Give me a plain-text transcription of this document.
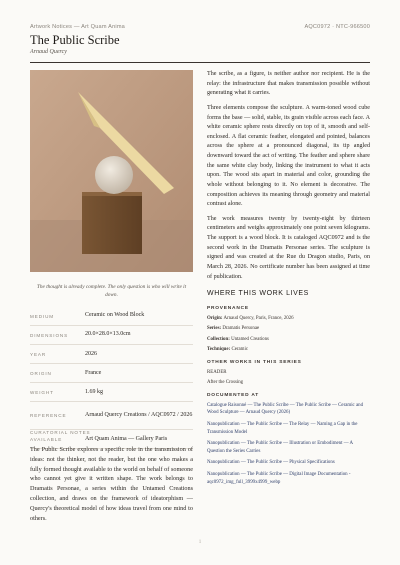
Artwork Notices — Art Quam Anima	AQC0972 · NTC-966500
The Public Scribe
Arnaud Quercy
The thought is already complete. The only question is who will write it down.
MEDIUM	Ceramic on Wood Block
DIMENSIONS	20.0×28.0×13.0cm
YEAR	2026
ORIGIN	France
WEIGHT	1.69 kg
REFERENCE	Arnaud Quercy Creations / AQC0972 / 2026
AVAILABLE	Art Quam Anima — Gallery Paris
CURATORIAL NOTES
The Public Scribe explores a specific role in the transmission of ideas: not the thinker, not the reader, but the one who makes a fully formed thought available to the world on behalf of someone who cannot yet give it written shape. The work belongs to Dramatis Personae, a series within the Untamed Creations collection, and draws on the framework of ideatorphism — Quercy's theoretical model of how ideas travel from one mind to others.

The scribe, as a figure, is neither author nor recipient. He is the relay: the infrastructure that makes transmission possible without generating what it carries.

Three elements compose the sculpture. A warm-toned wood cube forms the base — solid, stable, its grain visible across each face. A white ceramic sphere rests directly on top of it, smooth and self-enclosed. A flat ceramic feather, elongated and pointed, balances across the sphere at a pronounced diagonal, its tip angled downward toward the act of writing. The feather and sphere share the same white clay body, linking the instrument to what it acts upon. The wood sits apart in material and color, grounding the whole without belonging to it. No element is decorative. The composition achieves its meaning through geometry and material contrast alone.

The work measures twenty by twenty-eight by thirteen centimeters and weighs approximately one point seven kilograms. The support is a wood block. It is cataloged AQC0972 and is the second work in the Dramatis Personae series. The sculpture is signed and was created at the Rue du Dragon studio, Paris, on March 28, 2026. No certificate number has been assigned at time of publication.

WHERE THIS WORK LIVES
PROVENANCE
Origin: Arnaud Quercy, Paris, France, 2026
Series: Dramatis Personae
Collection: Untamed Creations
Technique: Ceramic
OTHER WORKS IN THIS SERIES
READER
After the Crossing
DOCUMENTED AT
Catalogue Raisonné — The Public Scribe — The Public Scribe — Ceramic and Wood Sculpture — Arnaud Quercy (2026)
Nanopublication — The Public Scribe — The Relay — Naming a Gap in the Transmission Model
Nanopublication — The Public Scribe — Illustration or Embodiment — A Question the Series Carries
Nanopublication — The Public Scribe — Physical Specifications
Nanopublication — The Public Scribe — Digital Image Documentation - aqc0972_img_full_3999x4999_webp
1
